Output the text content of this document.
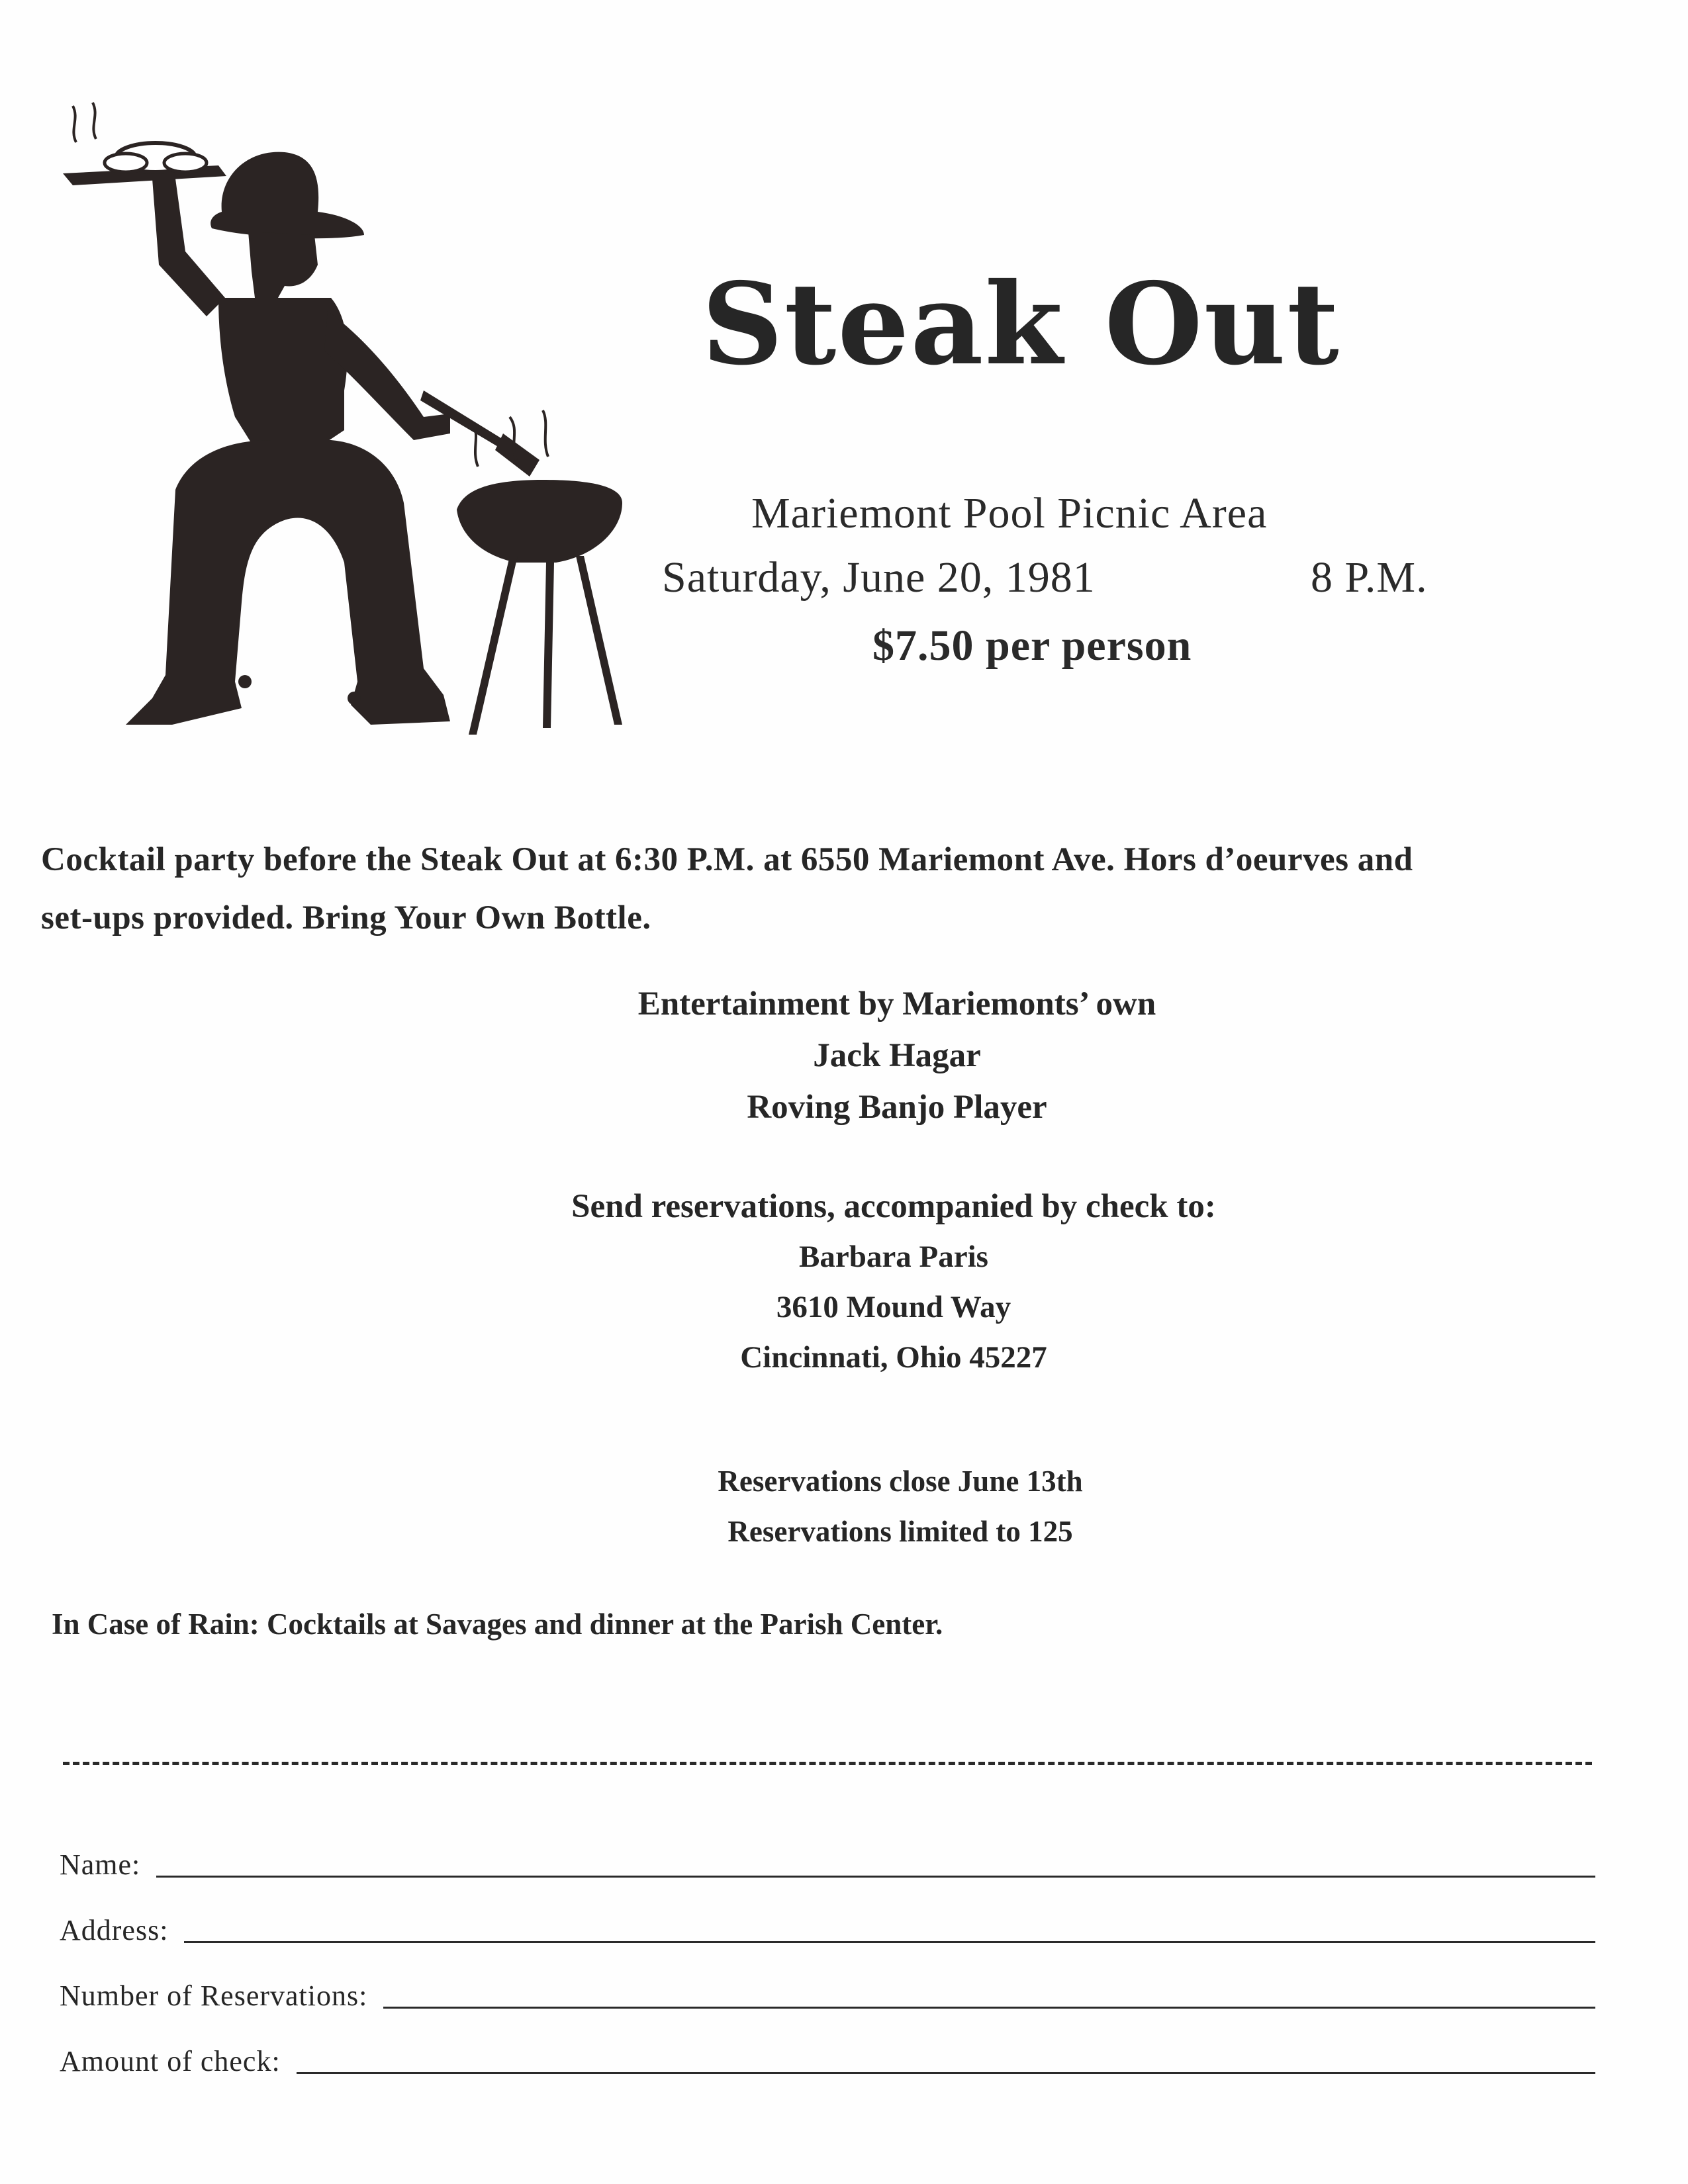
Steak Out
Mariemont Pool Picnic Area
Saturday, June 20, 1981	8 P.M.
$7.50 per person
Cocktail party before the Steak Out at 6:30 P.M. at 6550 Mariemont Ave. Hors d’oeurves and
set-ups provided. Bring Your Own Bottle.
Entertainment by Mariemonts’ own
Jack Hagar
Roving Banjo Player
Send reservations, accompanied by check to:
Barbara Paris
3610 Mound Way
Cincinnati, Ohio 45227
Reservations close June 13th
Reservations limited to 125
In Case of Rain: Cocktails at Savages and dinner at the Parish Center.
Name:
Address:
Number of Reservations:
Amount of check:
